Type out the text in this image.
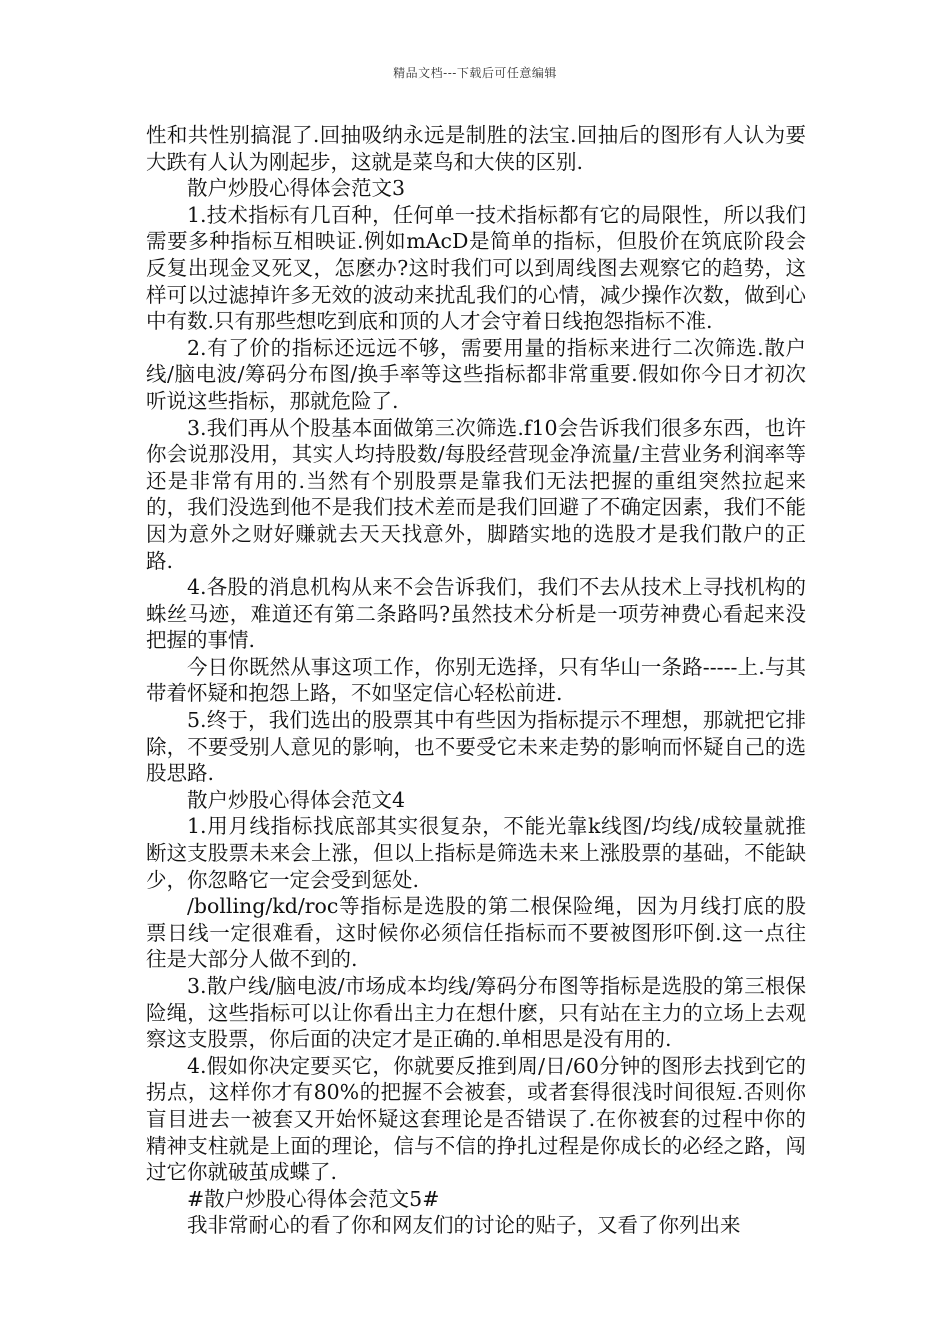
精品文档---下载后可任意编辑

性和共性别搞混了.回抽吸纳永远是制胜的法宝.回抽后的图形有人认为要大跌有人认为刚起步，这就是菜鸟和大侠的区别.

散户炒股心得体会范文3

1.技术指标有几百种，任何单一技术指标都有它的局限性，所以我们需要多种指标互相映证.例如mAcD是简单的指标，但股价在筑底阶段会反复出现金叉死叉，怎麽办?这时我们可以到周线图去观察它的趋势，这样可以过滤掉许多无效的波动来扰乱我们的心情，减少操作次数，做到心中有数.只有那些想吃到底和顶的人才会守着日线抱怨指标不准.

2.有了价的指标还远远不够，需要用量的指标来进行二次筛选.散户线/脑电波/筹码分布图/换手率等这些指标都非常重要.假如你今日才初次听说这些指标，那就危险了.

3.我们再从个股基本面做第三次筛选.f10会告诉我们很多东西，也许你会说那没用，其实人均持股数/每股经营现金净流量/主营业务利润率等还是非常有用的.当然有个别股票是靠我们无法把握的重组突然拉起来的，我们没选到他不是我们技术差而是我们回避了不确定因素，我们不能因为意外之财好赚就去天天找意外，脚踏实地的选股才是我们散户的正路.

4.各股的消息机构从来不会告诉我们，我们不去从技术上寻找机构的蛛丝马迹，难道还有第二条路吗?虽然技术分析是一项劳神费心看起来没把握的事情.

今日你既然从事这项工作，你别无选择，只有华山一条路-----上.与其带着怀疑和抱怨上路，不如坚定信心轻松前进.

5.终于，我们选出的股票其中有些因为指标提示不理想，那就把它排除，不要受别人意见的影响，也不要受它未来走势的影响而怀疑自己的选股思路.

散户炒股心得体会范文4

1.用月线指标找底部其实很复杂，不能光靠k线图/均线/成较量就推断这支股票未来会上涨，但以上指标是筛选未来上涨股票的基础，不能缺少，你忽略它一定会受到惩处.

/bolling/kd/roc等指标是选股的第二根保险绳，因为月线打底的股票日线一定很难看，这时候你必须信任指标而不要被图形吓倒.这一点往往是大部分人做不到的.

3.散户线/脑电波/市场成本均线/筹码分布图等指标是选股的第三根保险绳，这些指标可以让你看出主力在想什麽，只有站在主力的立场上去观察这支股票，你后面的决定才是正确的.单相思是没有用的.

4.假如你决定要买它，你就要反推到周/日/60分钟的图形去找到它的拐点，这样你才有80%的把握不会被套，或者套得很浅时间很短.否则你盲目进去一被套又开始怀疑这套理论是否错误了.在你被套的过程中你的精神支柱就是上面的理论，信与不信的挣扎过程是你成长的必经之路，闯过它你就破茧成蝶了.

#散户炒股心得体会范文5#

我非常耐心的看了你和网友们的讨论的贴子，又看了你列出来
